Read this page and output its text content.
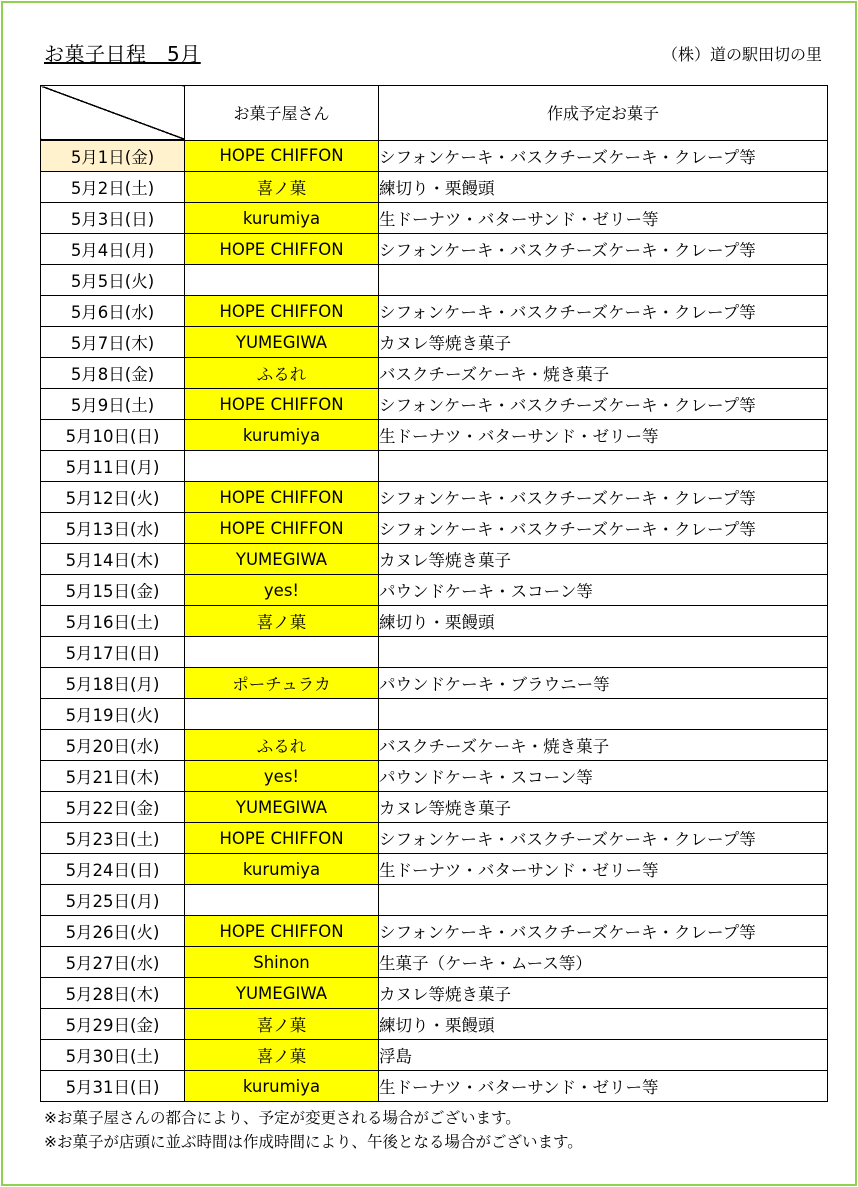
お菓子日程　5月	（株）道の駅田切の里
	お菓子屋さん	作成予定お菓子
5月1日(金)	HOPE CHIFFON	シフォンケーキ・バスクチーズケーキ・クレープ等
5月2日(土)	喜ノ菓	練切り・栗饅頭
5月3日(日)	kurumiya	生ドーナツ・バターサンド・ゼリー等
5月4日(月)	HOPE CHIFFON	シフォンケーキ・バスクチーズケーキ・クレープ等
5月5日(火)		
5月6日(水)	HOPE CHIFFON	シフォンケーキ・バスクチーズケーキ・クレープ等
5月7日(木)	YUMEGIWA	カヌレ等焼き菓子
5月8日(金)	ふるれ	バスクチーズケーキ・焼き菓子
5月9日(土)	HOPE CHIFFON	シフォンケーキ・バスクチーズケーキ・クレープ等
5月10日(日)	kurumiya	生ドーナツ・バターサンド・ゼリー等
5月11日(月)		
5月12日(火)	HOPE CHIFFON	シフォンケーキ・バスクチーズケーキ・クレープ等
5月13日(水)	HOPE CHIFFON	シフォンケーキ・バスクチーズケーキ・クレープ等
5月14日(木)	YUMEGIWA	カヌレ等焼き菓子
5月15日(金)	yes!	パウンドケーキ・スコーン等
5月16日(土)	喜ノ菓	練切り・栗饅頭
5月17日(日)		
5月18日(月)	ポーチュラカ	パウンドケーキ・ブラウニー等
5月19日(火)		
5月20日(水)	ふるれ	バスクチーズケーキ・焼き菓子
5月21日(木)	yes!	パウンドケーキ・スコーン等
5月22日(金)	YUMEGIWA	カヌレ等焼き菓子
5月23日(土)	HOPE CHIFFON	シフォンケーキ・バスクチーズケーキ・クレープ等
5月24日(日)	kurumiya	生ドーナツ・バターサンド・ゼリー等
5月25日(月)		
5月26日(火)	HOPE CHIFFON	シフォンケーキ・バスクチーズケーキ・クレープ等
5月27日(水)	Shinon	生菓子（ケーキ・ムース等）
5月28日(木)	YUMEGIWA	カヌレ等焼き菓子
5月29日(金)	喜ノ菓	練切り・栗饅頭
5月30日(土)	喜ノ菓	浮島
5月31日(日)	kurumiya	生ドーナツ・バターサンド・ゼリー等
※お菓子屋さんの都合により、予定が変更される場合がございます。
※お菓子が店頭に並ぶ時間は作成時間により、午後となる場合がございます。
